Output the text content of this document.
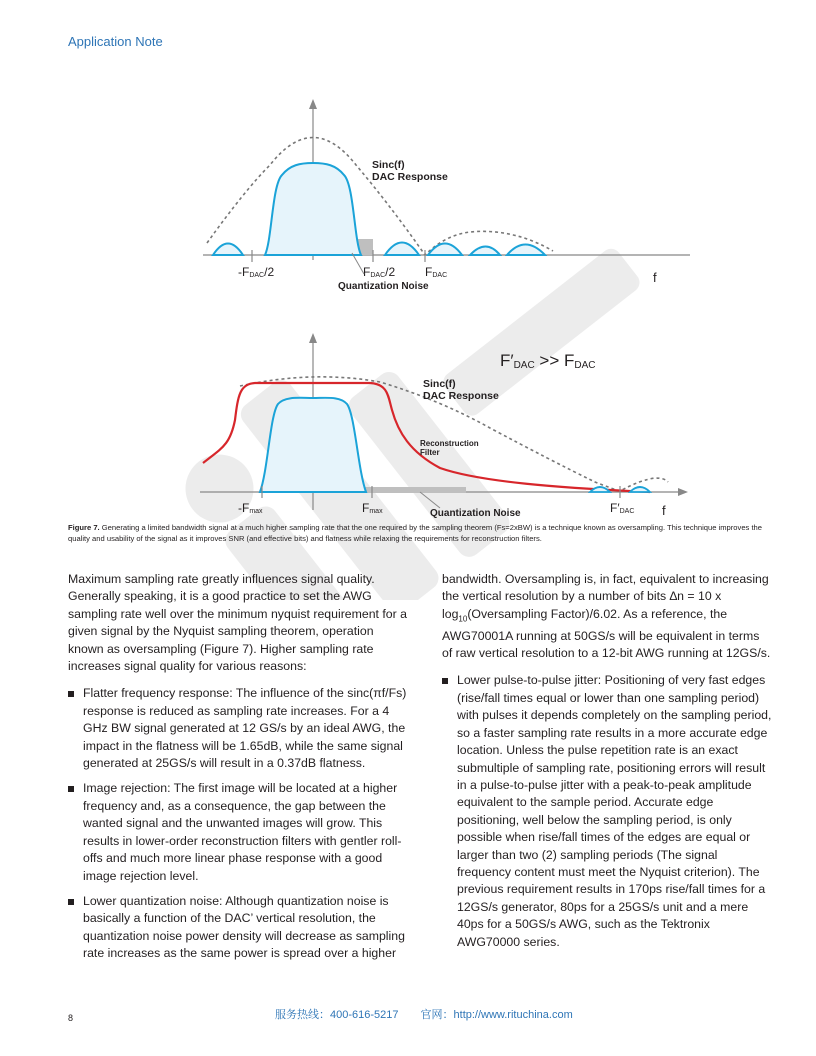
Application Note
Sinc(f)
DAC Response
-FDAC/2	FDAC/2 FDAC	f
Quantization Noise
F′DAC >> FDAC
Sinc(f)
DAC Response
Reconstruction
Filter
-Fmax	Fmax	F′DAC f
Quantization Noise
Figure 7. Generating a limited bandwidth signal at a much higher sampling rate that the one required by the sampling theorem (Fs=2xBW) is a technique known as oversampling. This technique improves the quality and usability of the signal as it improves SNR (and effective bits) and flatness while relaxing the requirements for reconstruction filters.

Maximum sampling rate greatly influences signal quality. Generally speaking, it is a good practice to set the AWG sampling rate well over the minimum nyquist requirement for a given signal by the Nyquist sampling theorem, operation known as oversampling (Figure 7). Higher sampling rate increases signal quality for various reasons:

Flatter frequency response: The influence of the sinc(πf/Fs) response is reduced as sampling rate increases. For a 4 GHz BW signal generated at 12 GS/s by an ideal AWG, the impact in the flatness will be 1.65dB, while the same signal generated at 25GS/s will result in a 0.37dB flatness.
Image rejection: The first image will be located at a higher frequency and, as a consequence, the gap between the wanted signal and the unwanted images will grow. This results in lower-order reconstruction filters with gentler roll-offs and much more linear phase response with a good image rejection level.
Lower quantization noise: Although quantization noise is basically a function of the DAC’ vertical resolution, the quantization noise power density will decrease as sampling rate increases as the same power is spread over a higher

bandwidth. Oversampling is, in fact, equivalent to increasing the vertical resolution by a number of bits ∆n = 10 x $\log_{10}(Oversampling$ Factor)/6.02. As a reference, the AWG70001A running at 50GS/s will be equivalent in terms of raw vertical resolution to a 12-bit AWG running at 12GS/s.

Lower pulse-to-pulse jitter: Positioning of very fast edges (rise/fall times equal or lower than one sampling period) with pulses it depends completely on the sampling period, so a faster sampling rate results in a more accurate edge location. Unless the pulse repetition rate is an exact submultiple of sampling rate, positioning errors will result in a pulse-to-pulse jitter with a peak-to-peak amplitude equivalent to the sample period. Accurate edge positioning, well below the sampling period, is only possible when rise/fall times of the edges are equal or larger than two (2) sampling periods (The signal frequency content must meet the Nyquist criterion). The previous requirement results in 170ps rise/fall times for a 12GS/s generator, 80ps for a 25GS/s unit and a mere 40ps for a 50GS/s AWG, such as the Tektronix AWG70000 series.
8	服务热线：400-616-5217 官网：http://www.rituchina.com
